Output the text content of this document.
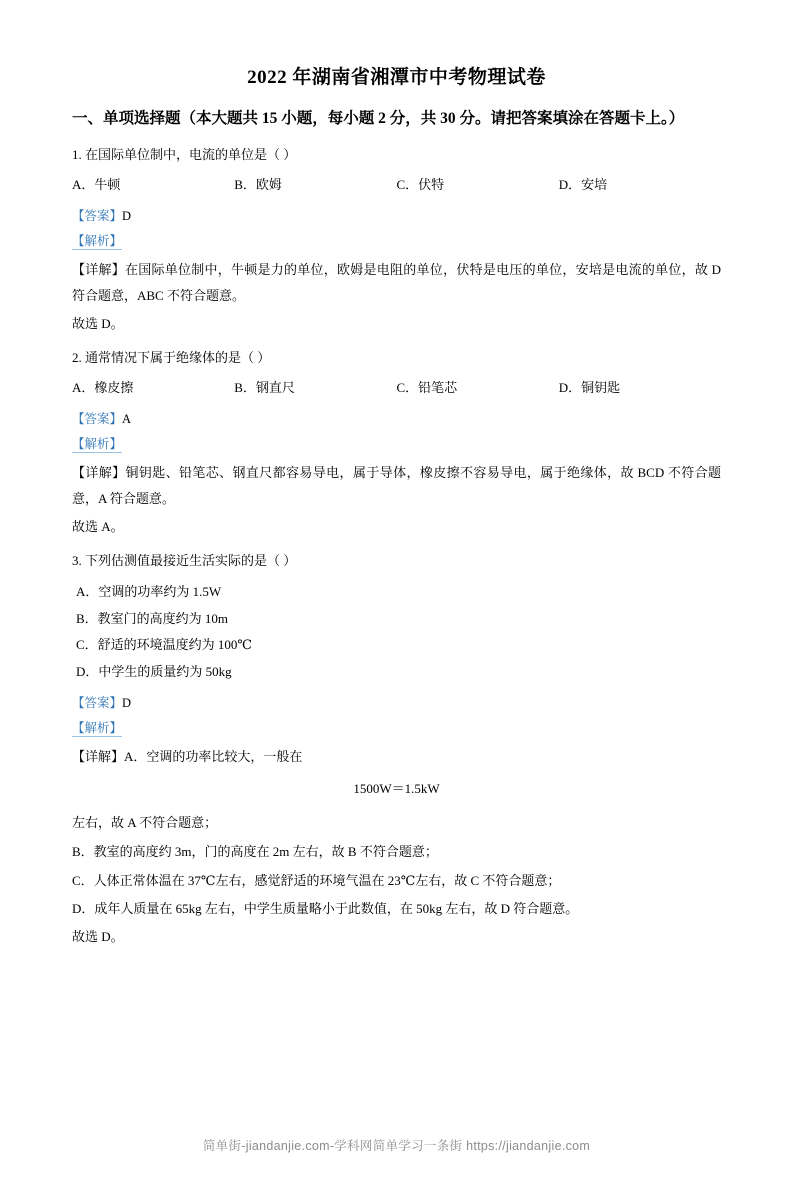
2022 年湖南省湘潭市中考物理试卷
一、单项选择题（本大题共 15 小题，每小题 2 分，共 30 分。请把答案填涂在答题卡上。）
1. 在国际单位制中，电流的单位是（ ）
A．牛顿	B．欧姆	C．伏特	D．安培
【答案】D
【解析】
【详解】在国际单位制中，牛顿是力的单位，欧姆是电阻的单位，伏特是电压的单位，安培是电流的单位，故 D 符合题意，ABC 不符合题意。
故选 D。
2. 通常情况下属于绝缘体的是（ ）
A．橡皮擦	B．钢直尺	C．铅笔芯	D．铜钥匙
【答案】A
【解析】
【详解】铜钥匙、铅笔芯、钢直尺都容易导电，属于导体，橡皮擦不容易导电，属于绝缘体，故 BCD 不符合题意，A 符合题意。
故选 A。
3. 下列估测值最接近生活实际的是（ ）
A．空调的功率约为 1.5W
B．教室门的高度约为 10m
C．舒适的环境温度约为 100℃
D．中学生的质量约为 50kg
【答案】D
【解析】
【详解】A．空调的功率比较大，一般在
1500W＝1.5kW
左右，故 A 不符合题意；
B．教室的高度约 3m，门的高度在 2m 左右，故 B 不符合题意；
C．人体正常体温在 37℃左右，感觉舒适的环境气温在 23℃左右，故 C 不符合题意；
D．成年人质量在 65kg 左右，中学生质量略小于此数值，在 50kg 左右，故 D 符合题意。
故选 D。
简单街-jiandanjie.com-学科网简单学习一条街 https://jiandanjie.com
